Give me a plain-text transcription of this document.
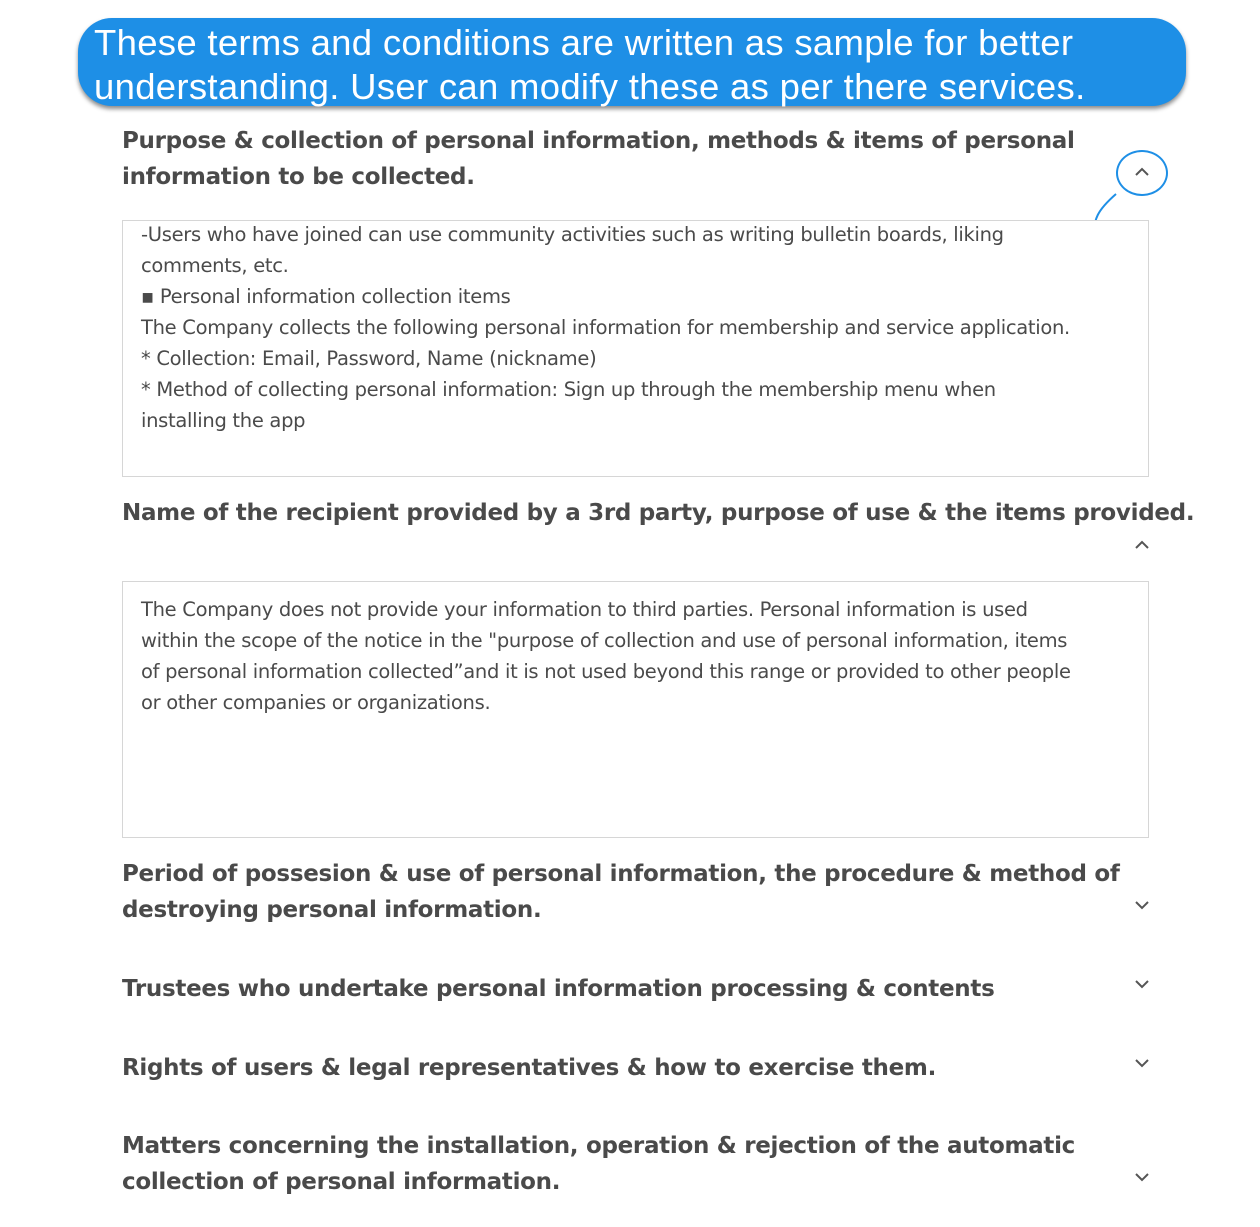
These terms and conditions are written as sample for better
understanding. User can modify these as per there services.
Purpose & collection of personal information, methods & items of personal
information to be collected.
-Users who have joined can use community activities such as writing bulletin boards, liking
comments, etc.
▪ Personal information collection items
The Company collects the following personal information for membership and service application.
* Collection: Email, Password, Name (nickname)
* Method of collecting personal information: Sign up through the membership menu when
installing the app
Name of the recipient provided by a 3rd party, purpose of use & the items provided.
The Company does not provide your information to third parties. Personal information is used
within the scope of the notice in the "purpose of collection and use of personal information, items
of personal information collected”and it is not used beyond this range or provided to other people
or other companies or organizations.
Period of possesion & use of personal information, the procedure & method of
destroying personal information.
Trustees who undertake personal information processing & contents
Rights of users & legal representatives & how to exercise them.
Matters concerning the installation, operation & rejection of the automatic
collection of personal information.
